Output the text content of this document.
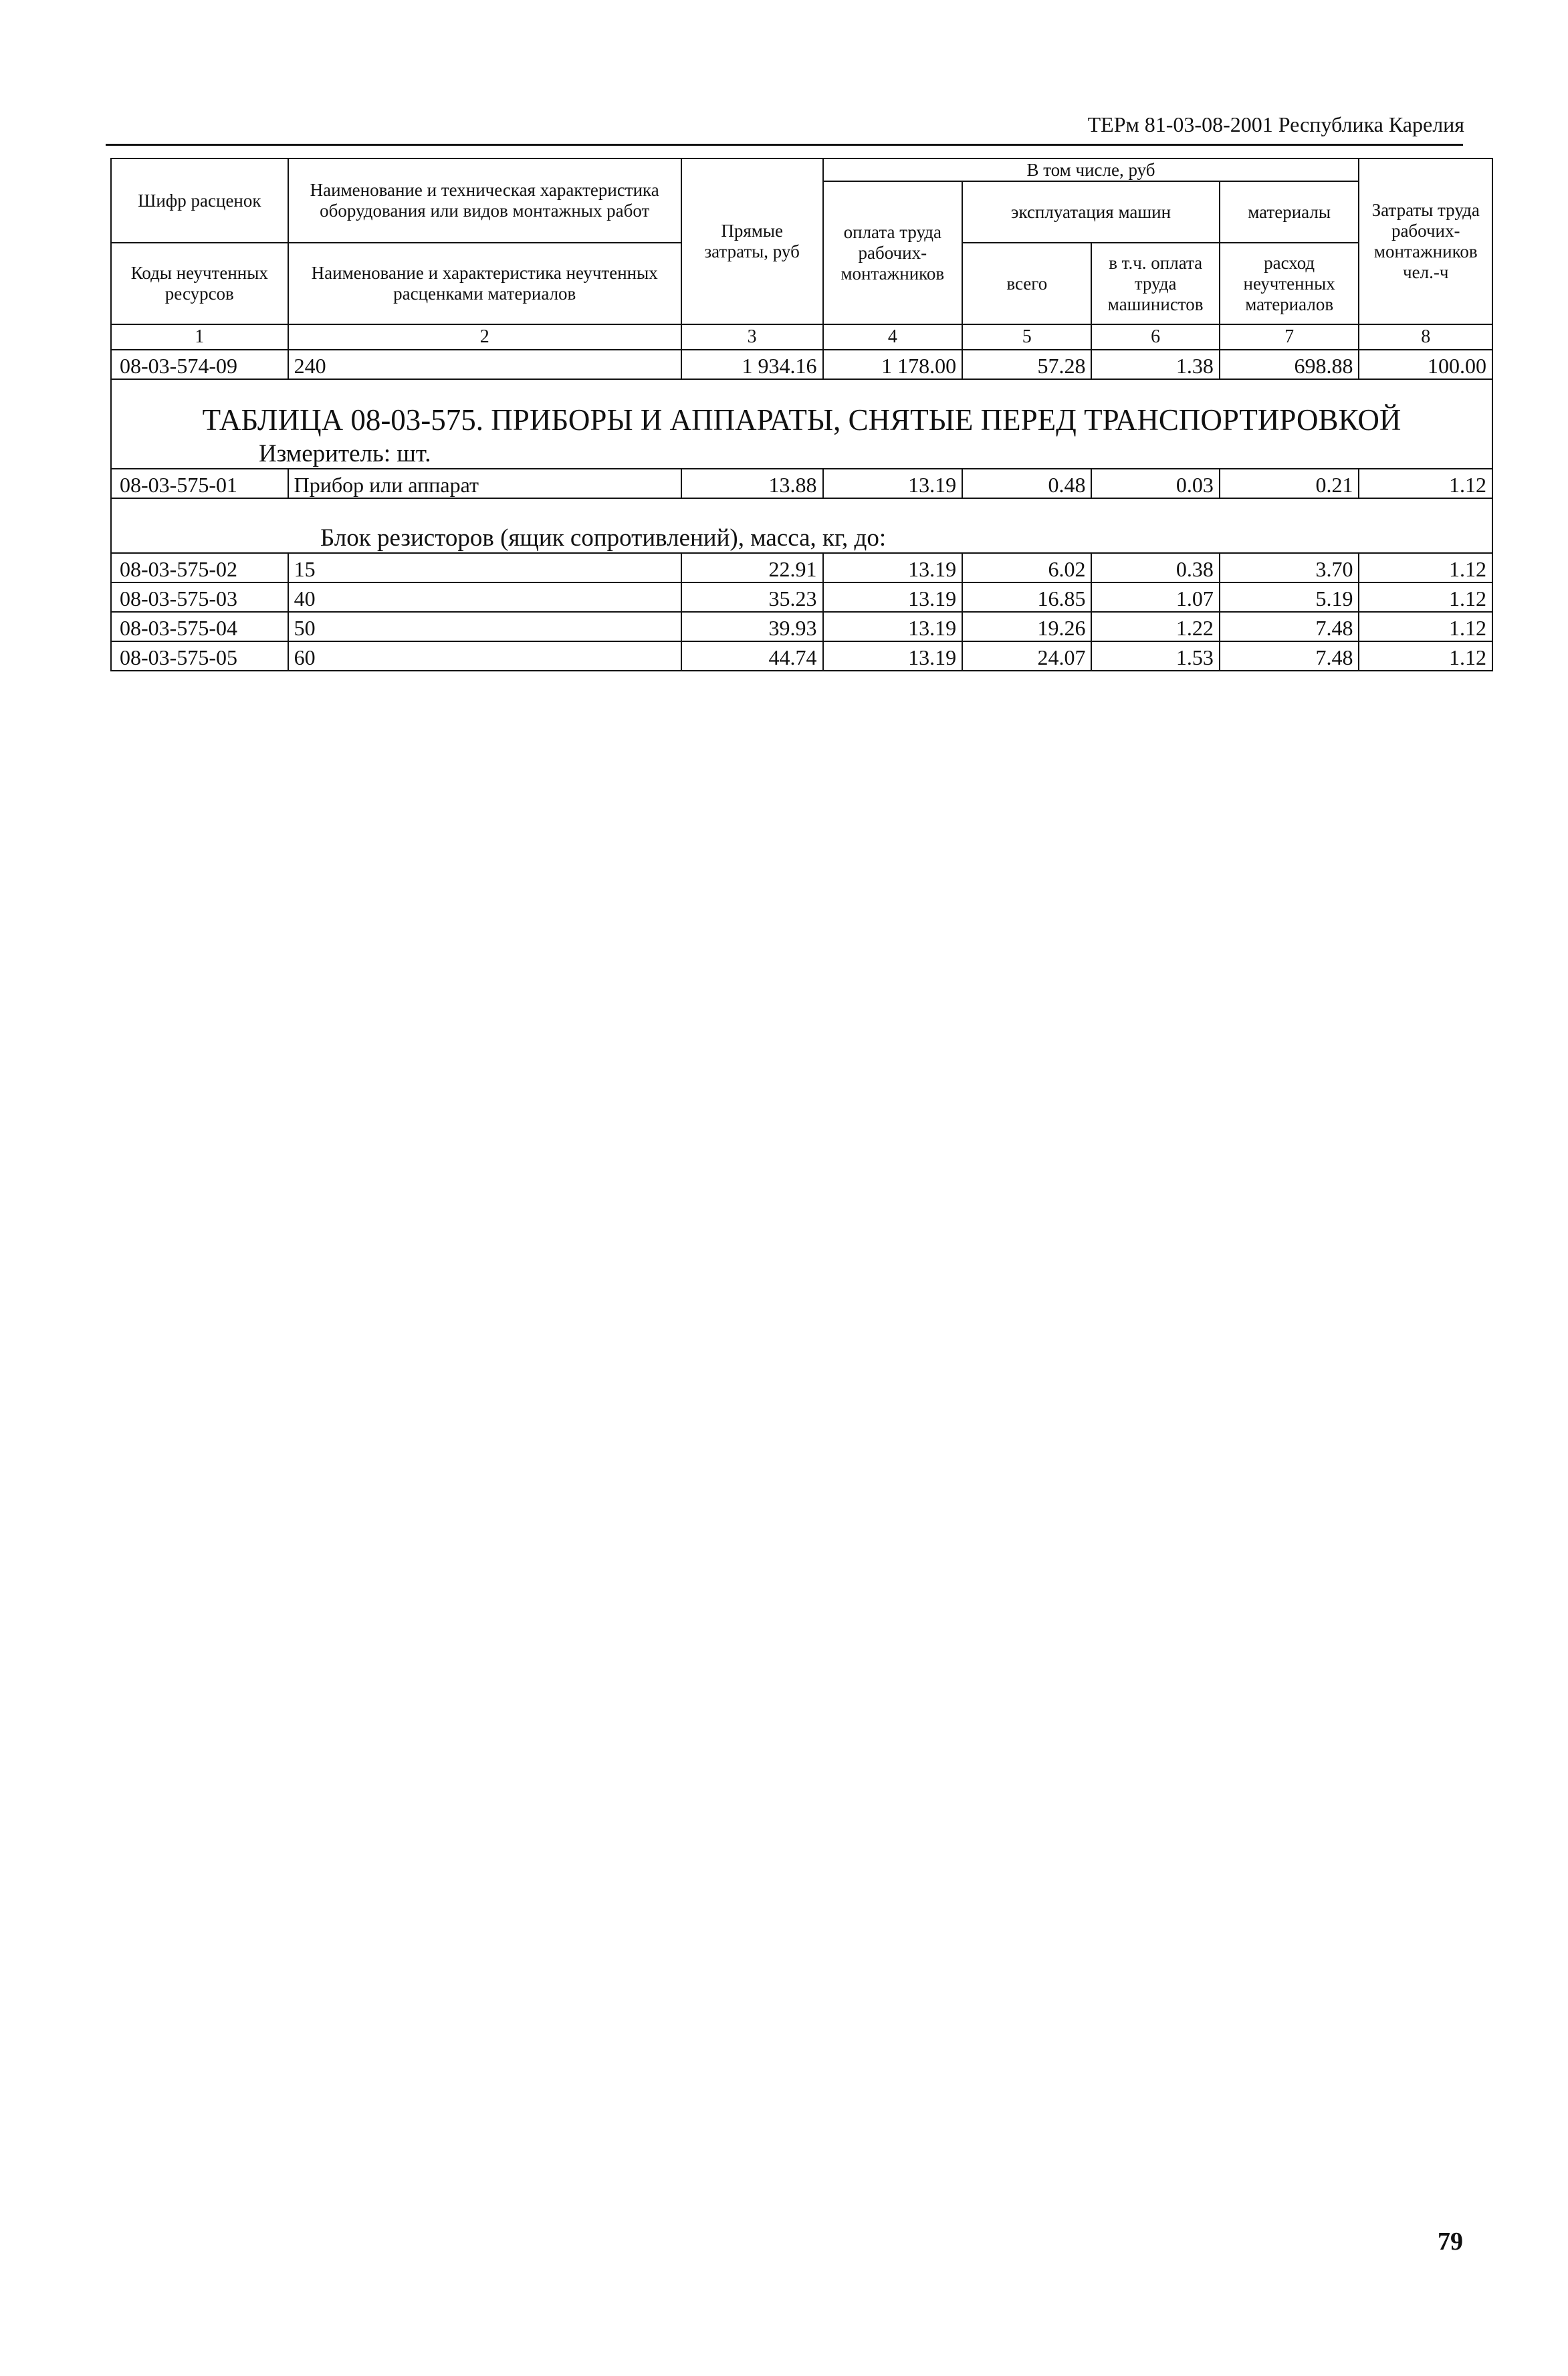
ТЕРм 81-03-08-2001 Республика Карелия
Шифр расценок	Наименование и техническая характеристика оборудования или видов монтажных работ	Прямые затраты, руб	В том числе, руб				Затраты труда рабочих-монтажников чел.-ч
			оплата труда рабочих-монтажников	эксплуатация машин		материалы	
Коды неучтенных ресурсов	Наименование и характеристика неучтенных расценками материалов			всего	в т.ч. оплата труда машинистов	расход неучтенных материалов	
1	2	3	4	5	6	7	8
08-03-574-09	240	1 934.16	1 178.00	57.28	1.38	698.88	100.00
ТАБЛИЦА 08-03-575. ПРИБОРЫ И АППАРАТЫ, СНЯТЫЕ ПЕРЕД ТРАНСПОРТИРОВКОЙ							
Измеритель: шт.							
08-03-575-01	Прибор или аппарат	13.88	13.19	0.48	0.03	0.21	1.12
Блок резисторов (ящик сопротивлений), масса, кг, до:							
08-03-575-02	15	22.91	13.19	6.02	0.38	3.70	1.12
08-03-575-03	40	35.23	13.19	16.85	1.07	5.19	1.12
08-03-575-04	50	39.93	13.19	19.26	1.22	7.48	1.12
08-03-575-05	60	44.74	13.19	24.07	1.53	7.48	1.12
79
